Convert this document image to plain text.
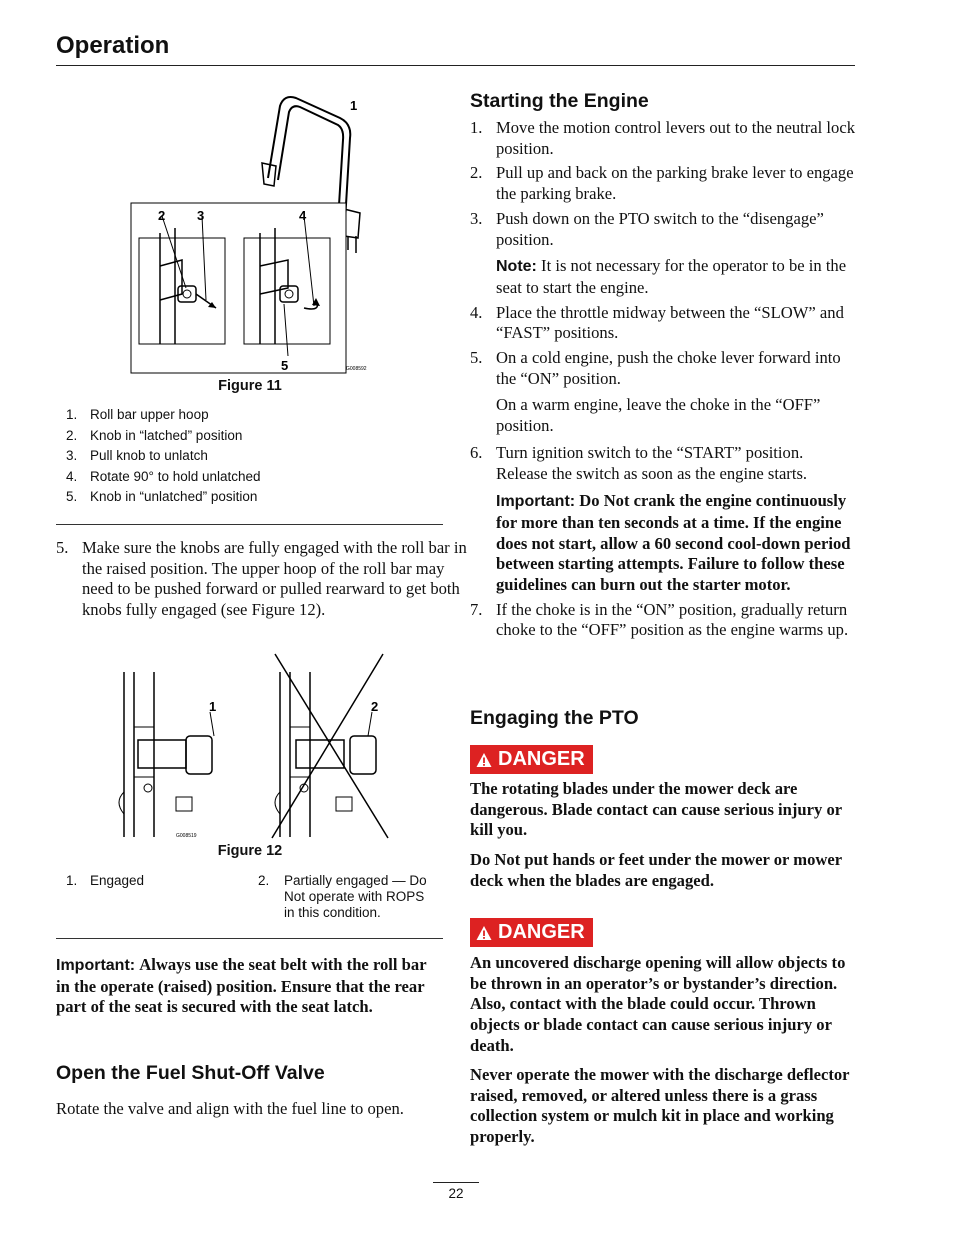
Operation
1
2 3	4
5	G008592
Figure 11
1. Roll bar upper hoop
2. Knob in “latched” position
3. Pull knob to unlatch
4. Rotate 90° to hold unlatched
5. Knob in “unlatched” position
5. Make sure the knobs are fully engaged with the roll bar in the raised position. The upper hoop of the roll bar may need to be pushed forward or pulled rearward to get both knobs fully engaged (see Figure 12).
1	2
G008519
Figure 12
1. Engaged	2.	Partially engaged — Do Not operate with ROPS in this condition.
Important: Always use the seat belt with the roll bar in the operate (raised) position. Ensure that the rear part of the seat is secured with the seat latch.
Open the Fuel Shut-Off Valve
Rotate the valve and align with the fuel line to open.
Starting the Engine
1. Move the motion control levers out to the neutral lock position.
2. Pull up and back on the parking brake lever to engage the parking brake.
3. Push down on the PTO switch to the “disengage” position.
Note: It is not necessary for the operator to be in the seat to start the engine.
4. Place the throttle midway between the “SLOW” and “FAST” positions.
5. On a cold engine, push the choke lever forward into the “ON” position.
On a warm engine, leave the choke in the “OFF” position.
6. Turn ignition switch to the “START” position. Release the switch as soon as the engine starts.
Important: Do Not crank the engine continuously for more than ten seconds at a time. If the engine does not start, allow a 60 second cool-down period between starting attempts. Failure to follow these guidelines can burn out the starter motor.
7. If the choke is in the “ON” position, gradually return choke to the “OFF” position as the engine warms up.
Engaging the PTO
DANGER
The rotating blades under the mower deck are dangerous. Blade contact can cause serious injury or kill you.
Do Not put hands or feet under the mower or mower deck when the blades are engaged.
DANGER
An uncovered discharge opening will allow objects to be thrown in an operator’s or bystander’s direction. Also, contact with the blade could occur. Thrown objects or blade contact can cause serious injury or death.
Never operate the mower with the discharge deflector raised, removed, or altered unless there is a grass collection system or mulch kit in place and working properly.
22
